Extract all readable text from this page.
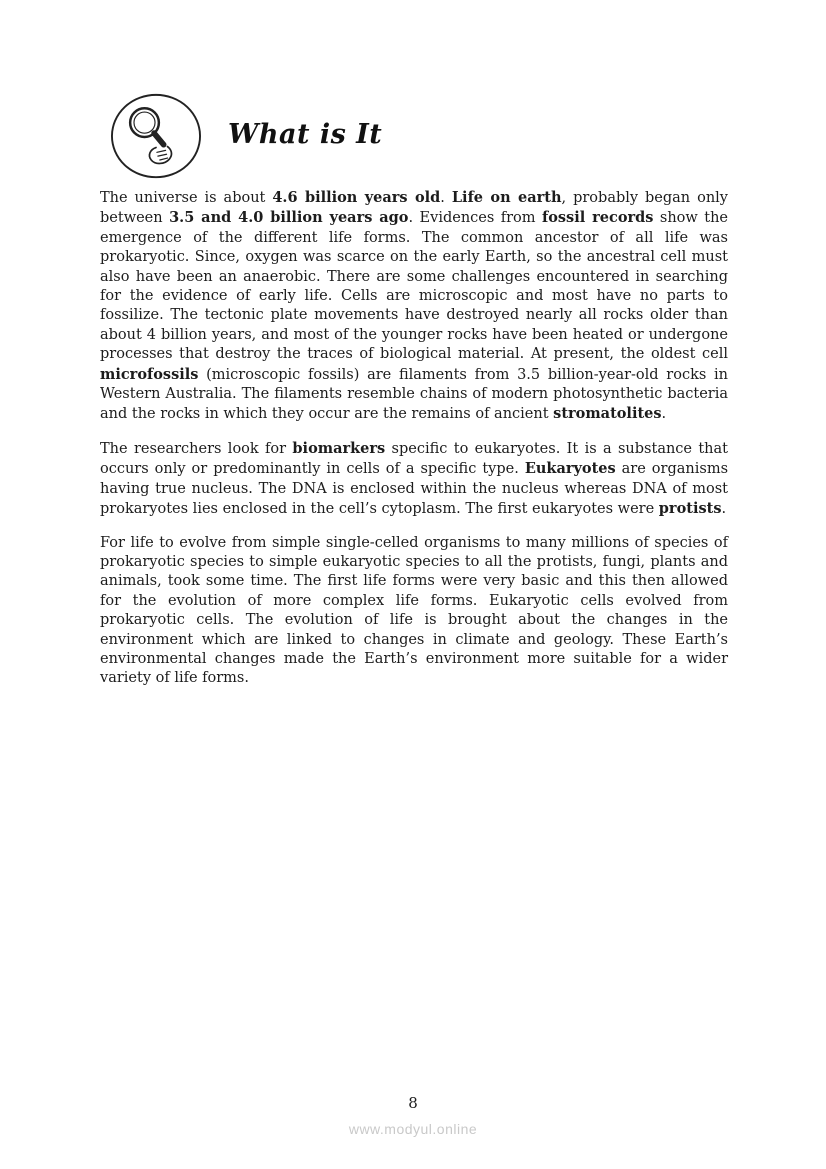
What is It

The universe is about 4.6 billion years old. Life on earth, probably began only between 3.5 and 4.0 billion years ago. Evidences from fossil records show the emergence of the different life forms. The common ancestor of all life was prokaryotic. Since, oxygen was scarce on the early Earth, so the ancestral cell must also have been an anaerobic. There are some challenges encountered in searching for the evidence of early life. Cells are microscopic and most have no parts to fossilize. The tectonic plate movements have destroyed nearly all rocks older than about 4 billion years, and most of the younger rocks have been heated or undergone processes that destroy the traces of biological material. At present, the oldest cell microfossils (microscopic fossils) are filaments from 3.5 billion-year-old rocks in Western Australia. The filaments resemble chains of modern photosynthetic bacteria and the rocks in which they occur are the remains of ancient stromatolites.

The researchers look for biomarkers specific to eukaryotes. It is a substance that occurs only or predominantly in cells of a specific type. Eukaryotes are organisms having true nucleus. The DNA is enclosed within the nucleus whereas DNA of most prokaryotes lies enclosed in the cell’s cytoplasm. The first eukaryotes were protists.

For life to evolve from simple single-celled organisms to many millions of species of prokaryotic species to simple eukaryotic species to all the protists, fungi, plants and animals, took some time. The first life forms were very basic and this then allowed for the evolution of more complex life forms. Eukaryotic cells evolved from prokaryotic cells. The evolution of life is brought about the changes in the environment which are linked to changes in climate and geology. These Earth’s environmental changes made the Earth’s environment more suitable for a wider variety of life forms.

8
www.modyul.online
